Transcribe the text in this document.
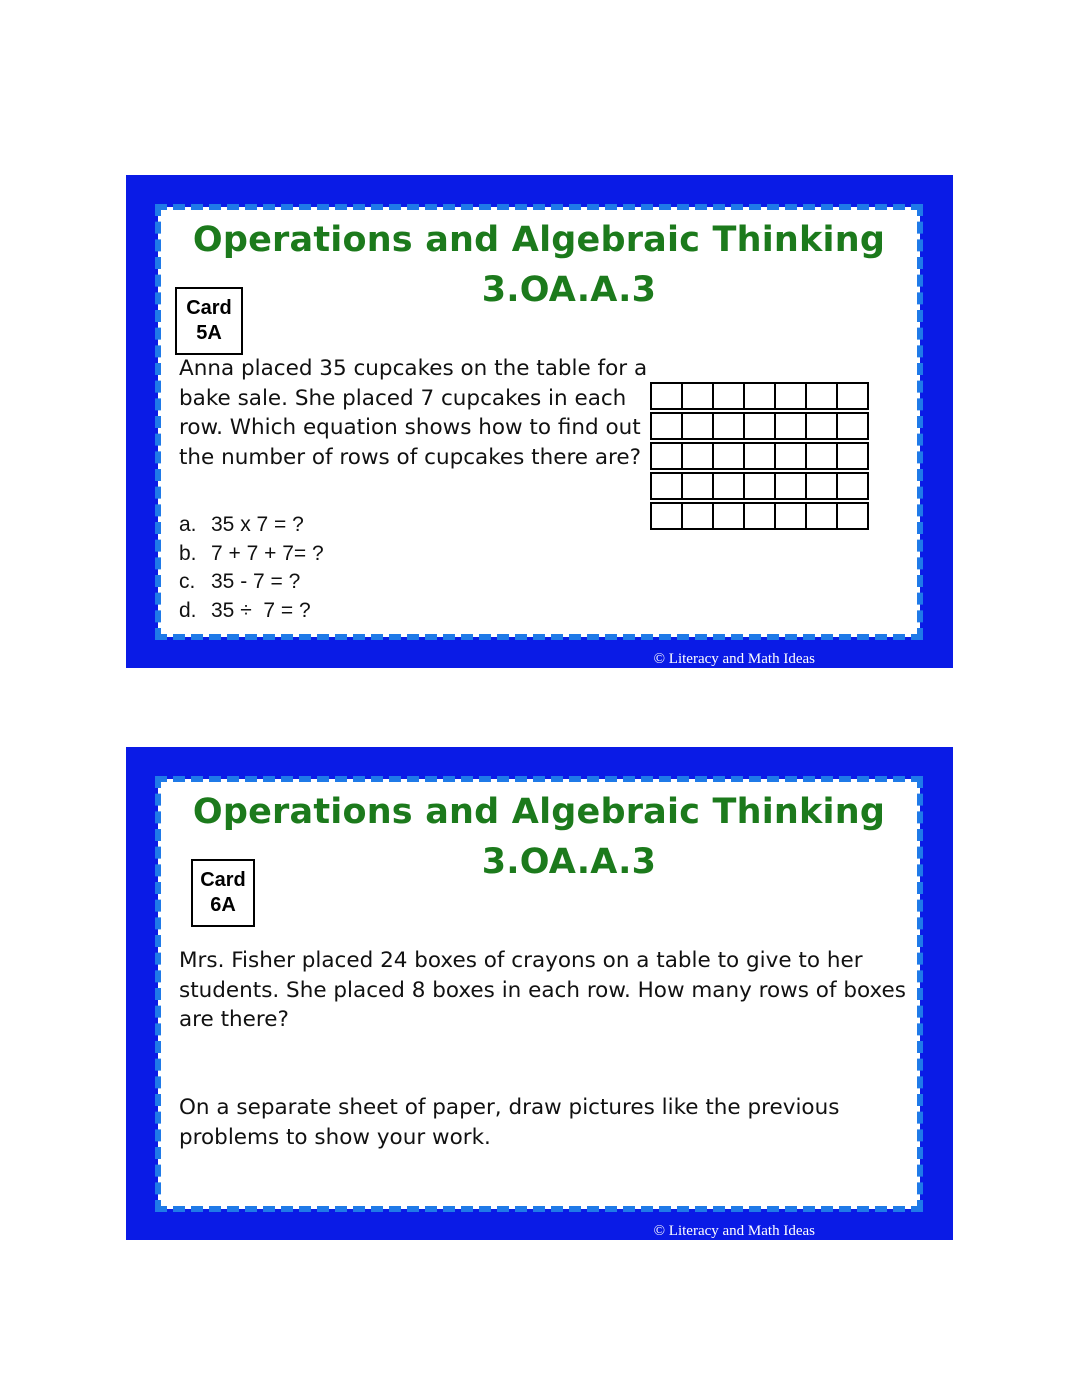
Operations and Algebraic Thinking
3.OA.A.3
Card
5A

Anna placed 35 cupcakes on the table for a bake sale. She placed 7 cupcakes in each row. Which equation shows how to find out the number of rows of cupcakes there are?

a. 35 x 7 = ?
b. 7 + 7 + 7= ?
c. 35 - 7 = ?
d. 35 ÷  7 = ?
© Literacy and Math Ideas
Operations and Algebraic Thinking
3.OA.A.3
Card
6A

Mrs. Fisher placed 24 boxes of crayons on a table to give to her students. She placed 8 boxes in each row. How many rows of boxes are there?

On a separate sheet of paper, draw pictures like the previous problems to show your work.

© Literacy and Math Ideas
